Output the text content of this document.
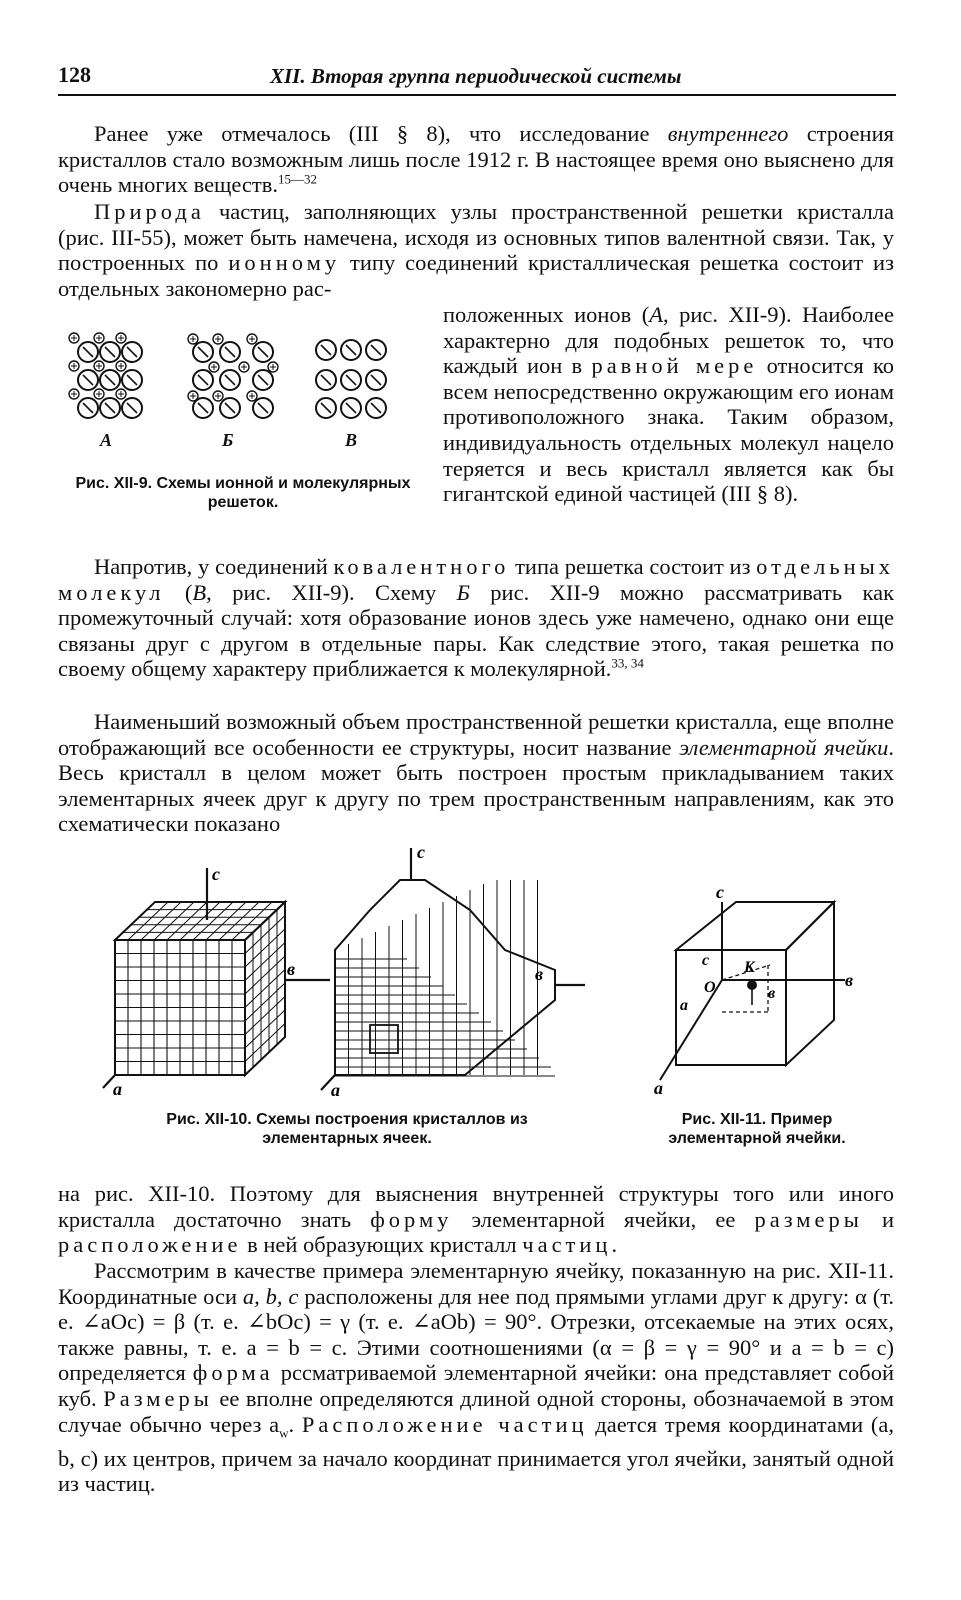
128	XII. Вторая группа периодической системы

Ранее уже отмечалось (III § 8), что исследование внутреннего строения кристаллов стало возможным лишь после 1912 г. В настоящее время оно выяснено для очень многих веществ.$^{15—32}$

Природа частиц, заполняющих узлы пространственной решетки кристалла (рис. III-55), может быть намечена, исходя из основных типов валентной связи. Так, у построенных по ионному типу соединений кристаллическая решетка состоит из отдельных закономерно рас-

положенных ионов (А, рис. XII-9). Наиболее характерно для подобных решеток то, что каждый ион в равной мере относится ко всем непосредственно окружающим его ионам противоположного знака. Таким образом, индивидуальность отдельных молекул нацело теряется и весь кристалл является как бы гигантской единой частицей (III § 8).

А	Б	В
Рис. XII-9. Схемы ионной и молекулярных решеток.

Напротив, у соединений ковалентного типа решетка состоит из отдельных молекул (В, рис. XII-9). Схему Б рис. XII-9 можно рассматривать как промежуточный случай: хотя образование ионов здесь уже намечено, однако они еще связаны друг с другом в отдельные пары. Как следствие этого, такая решетка по своему общему характеру приближается к молекулярной.$^{33, 34}$

Наименьший возможный объем пространственной решетки кристалла, еще вполне отображающий все особенности ее структуры, носит название элементарной ячейки. Весь кристалл в целом может быть построен простым прикладыванием таких элементарных ячеек друг к другу по трем пространственным направлениям, как это схематически показано

c
в
a
c
в
a
Рис. XII-10. Схемы построения кристаллов из элементарных ячеек.
c
в
a
c К
O	в
a
Рис. XII-11. Пример элементарной ячейки.

на рис. XII-10. Поэтому для выяснения внутренней структуры того или иного кристалла достаточно знать форму элементарной ячейки, ее размеры и расположение в ней образующих кристалл частиц.

Рассмотрим в качестве примера элементарную ячейку, показанную на рис. XII-11. Координатные оси a, b, c расположены для нее под прямыми углами друг к другу: α (т. е. ∠aOc) = β (т. е. ∠bOc) = γ (т. е. ∠aOb) = 90°. Отрезки, отсекаемые на этих осях, также равны, т. е. a = b = c. Этими соотношениями (α = β = γ = 90° и a = b = c) определяется форма рссматриваемой элементарной ячейки: она представляет собой куб. Размеры ее вполне определяются длиной одной стороны, обозначаемой в этом случае обычно через $a_w$. Расположение частиц дается тремя координатами (a, b, c) их центров, причем за начало координат принимается угол ячейки, занятый одной из частиц.
